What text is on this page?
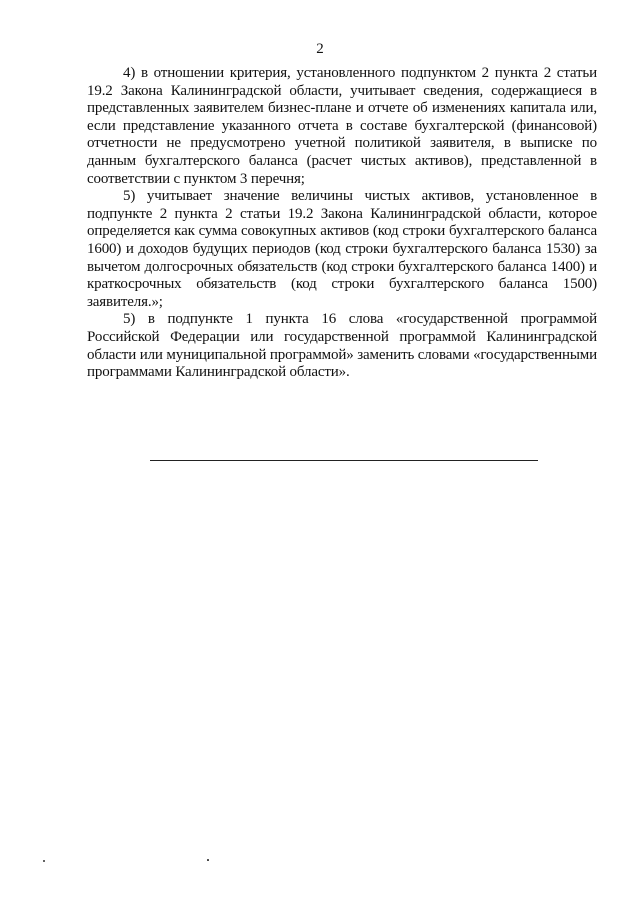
2

4) в отношении критерия, установленного подпунктом 2 пункта 2 статьи 19.2 Закона Калининградской области, учитывает сведения, содержащиеся в представленных заявителем бизнес-плане и отчете об изменениях капитала или, если представление указанного отчета в составе бухгалтерской (финансовой) отчетности не предусмотрено учетной политикой заявителя, в выписке по данным бухгалтерского баланса (расчет чистых активов), представленной в соответствии с пунктом 3 перечня;

5) учитывает значение величины чистых активов, установленное в подпункте 2 пункта 2 статьи 19.2 Закона Калининградской области, которое определяется как сумма совокупных активов (код строки бухгалтерского баланса 1600) и доходов будущих периодов (код строки бухгалтерского баланса 1530) за вычетом долгосрочных обязательств (код строки бухгалтерского баланса 1400) и краткосрочных обязательств (код строки бухгалтерского баланса 1500) заявителя.»;

5) в подпункте 1 пункта 16 слова «государственной программой Российской Федерации или государственной программой Калининградской области или муниципальной программой» заменить словами «государственными программами Калининградской области».
